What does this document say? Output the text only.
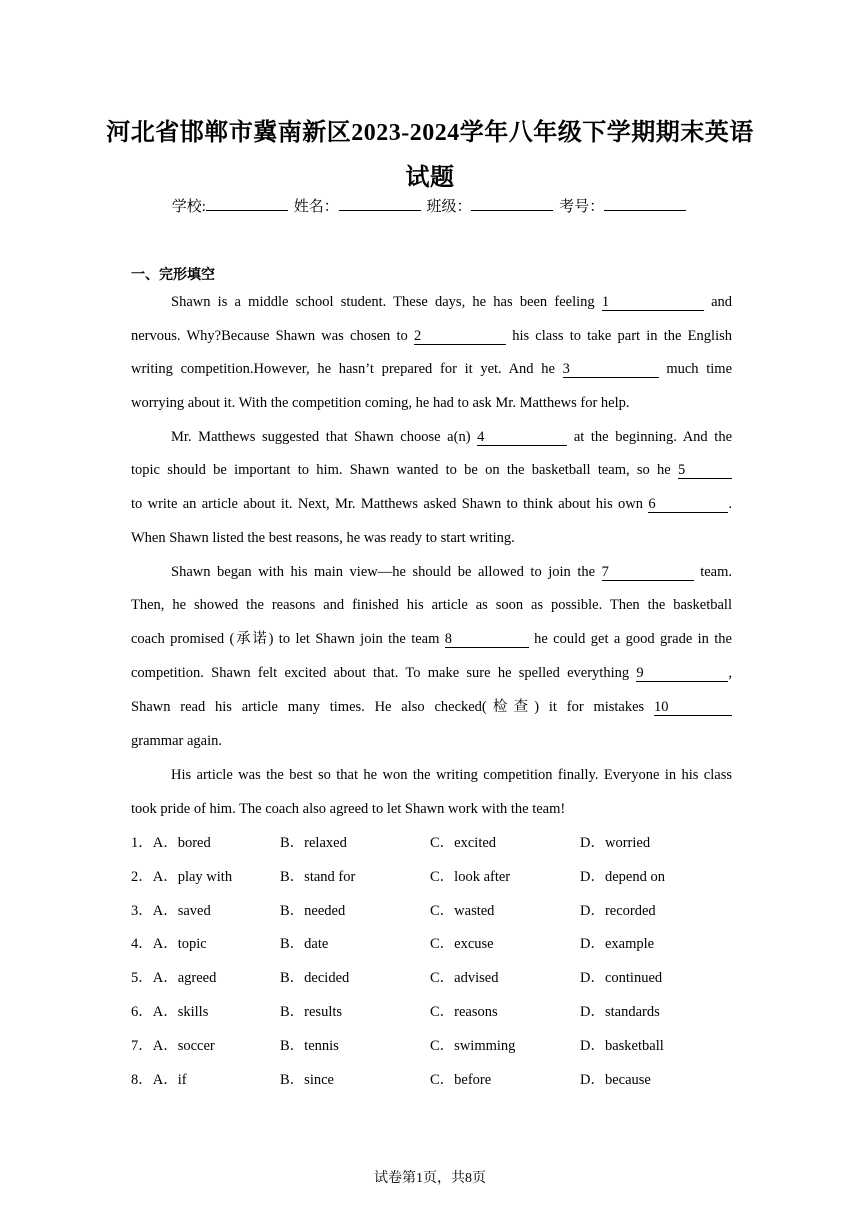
河北省邯郸市冀南新区2023-2024学年八年级下学期期末英语
试题
学校:	姓名：	班级：	考号：
一、完形填空
Shawn is a middle school student. These days, he has been feeling 1	and
nervous. Why?Because Shawn was chosen to 2	his class to take part in the English
writing competition.However, he hasn’t prepared for it yet. And he 3	much time
worrying about it. With the competition coming, he had to ask Mr. Matthews for help.
Mr. Matthews suggested that Shawn choose a(n) 4	at the beginning. And the
topic should be important to him. Shawn wanted to be on the basketball team, so he 5
to write an article about it. Next, Mr. Matthews asked Shawn to think about his own 6	.
When Shawn listed the best reasons, he was ready to start writing.
Shawn began with his main view—he should be allowed to join the 7	team.
Then, he showed the reasons and finished his article as soon as possible. Then the basketball
coach promised (承诺) to let Shawn join the team 8	he could get a good grade in the
competition. Shawn felt excited about that. To make sure he spelled everything 9	,
Shawn read his article many times. He also checked(检查) it for mistakes 10
grammar again.
His article was the best so that he won the writing competition finally. Everyone in his class
took pride of him. The coach also agreed to let Shawn work with the team!
1．A．bored	B．relaxed	C．excited	D．worried
2．A．play with	B．stand for	C．look after	D．depend on
3．A．saved	B．needed	C．wasted	D．recorded
4．A．topic	B．date	C．excuse	D．example
5．A．agreed	B．decided	C．advised	D．continued
6．A．skills	B．results	C．reasons	D．standards
7．A．soccer	B．tennis	C．swimming	D．basketball
8．A．if	B．since	C．before	D．because
试卷第1页，共8页
